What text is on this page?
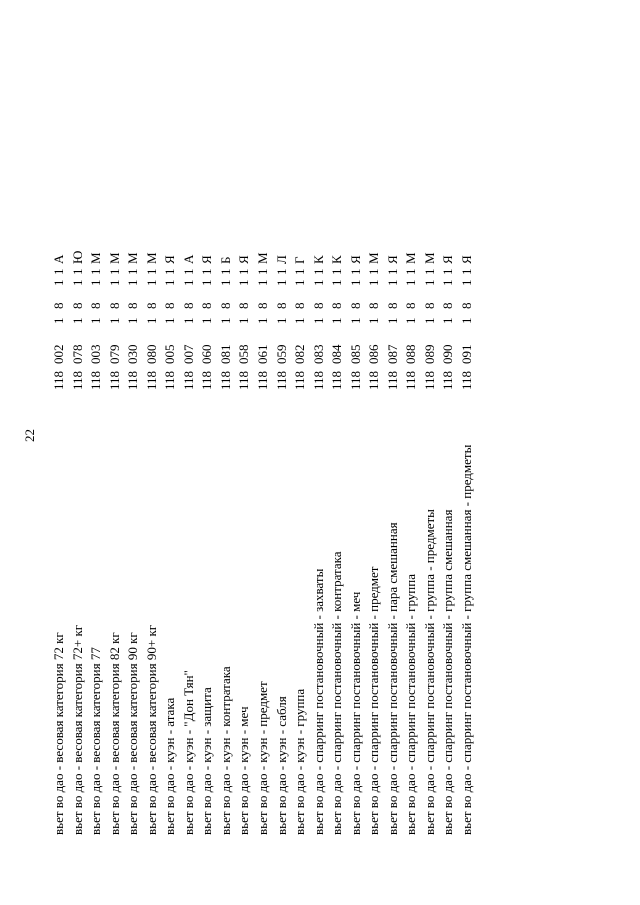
22
вьет во дао - весовая категория 72 кг
118
002
1
8
1
1
А
вьет во дао - весовая категория 72+ кг
118
078
1
8
1
1
Ю
вьет во дао - весовая категория 77
118
003
1
8
1
1
М
вьет во дао - весовая категория 82 кг
118
079
1
8
1
1
М
вьет во дао - весовая категория 90 кг
118
030
1
8
1
1
М
вьет во дао - весовая категория 90+ кг
118
080
1
8
1
1
М
вьет во дао - куэн - атака
118
005
1
8
1
1
Я
вьет во дао - куэн - "Дон Тян"
118
007
1
8
1
1
А
вьет во дао - куэн - защита
118
060
1
8
1
1
Я
вьет во дао - куэн - контратака
118
081
1
8
1
1
Б
вьет во дао - куэн - меч
118
058
1
8
1
1
Я
вьет во дао - куэн - предмет
118
061
1
8
1
1
М
вьет во дао - куэн - сабля
118
059
1
8
1
1
Л
вьет во дао - куэн - группа
118
082
1
8
1
1
Г
вьет во дао - спарринг постановочный - захваты
118
083
1
8
1
1
К
вьет во дао - спарринг постановочный - контратака
118
084
1
8
1
1
К
вьет во дао - спарринг постановочный - меч
118
085
1
8
1
1
Я
вьет во дао - спарринг постановочный - предмет
118
086
1
8
1
1
М
вьет во дао - спарринг постановочный - пара смешанная
118
087
1
8
1
1
Я
вьет во дао - спарринг постановочный - группа
118
088
1
8
1
1
М
вьет во дао - спарринг постановочный - группа - предметы
118
089
1
8
1
1
М
вьет во дао - спарринг постановочный - группа смешанная
118
090
1
8
1
1
Я
вьет во дао - спарринг постановочный - группа смешанная - предметы
118
091
1
8
1
1
Я
